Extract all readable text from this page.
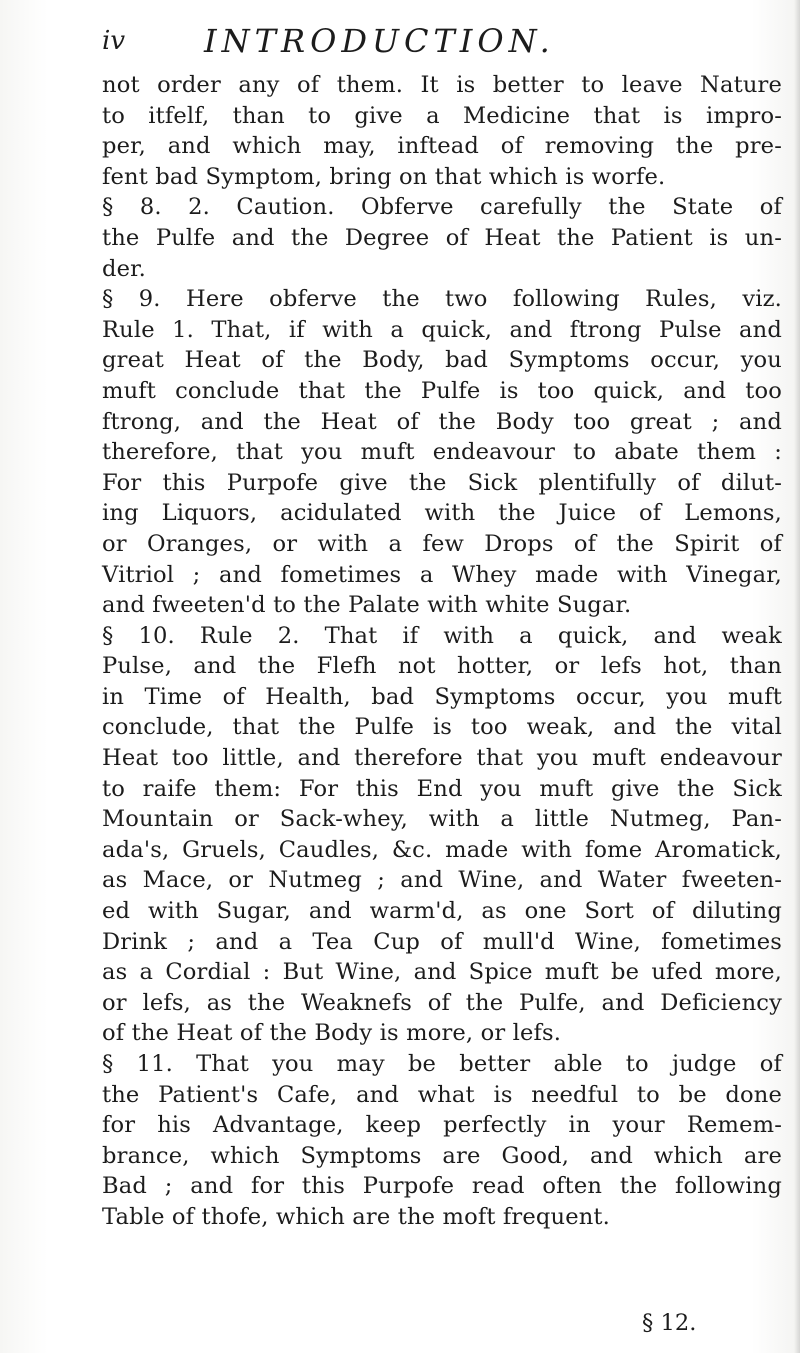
iv INTRODUCTION.
not order any of them. It is better to leave Nature
to itfelf, than to give a Medicine that is impro-
per, and which may, inftead of removing the pre-
fent bad Symptom, bring on that which is worfe.
§ 8. 2. Caution. Obferve carefully the State of
the Pulfe and the Degree of Heat the Patient is un-
der.
§ 9. Here obferve the two following Rules, viz.
Rule 1. That, if with a quick, and ftrong Pulse and
great Heat of the Body, bad Symptoms occur, you
muft conclude that the Pulfe is too quick, and too
ftrong, and the Heat of the Body too great ; and
therefore, that you muft endeavour to abate them :
For this Purpofe give the Sick plentifully of dilut-
ing Liquors, acidulated with the Juice of Lemons,
or Oranges, or with a few Drops of the Spirit of
Vitriol ; and fometimes a Whey made with Vinegar,
and fweeten'd to the Palate with white Sugar.
§ 10. Rule 2. That if with a quick, and weak
Pulse, and the Flefh not hotter, or lefs hot, than
in Time of Health, bad Symptoms occur, you muft
conclude, that the Pulfe is too weak, and the vital
Heat too little, and therefore that you muft endeavour
to raife them: For this End you muft give the Sick
Mountain or Sack-whey, with a little Nutmeg, Pan-
ada's, Gruels, Caudles, &c. made with fome Aromatick,
as Mace, or Nutmeg ; and Wine, and Water fweeten-
ed with Sugar, and warm'd, as one Sort of diluting
Drink ; and a Tea Cup of mull'd Wine, fometimes
as a Cordial : But Wine, and Spice muft be ufed more,
or lefs, as the Weaknefs of the Pulfe, and Deficiency
of the Heat of the Body is more, or lefs.
§ 11. That you may be better able to judge of
the Patient's Cafe, and what is needful to be done
for his Advantage, keep perfectly in your Remem-
brance, which Symptoms are Good, and which are
Bad ; and for this Purpofe read often the following
Table of thofe, which are the moft frequent.
§ 12.
